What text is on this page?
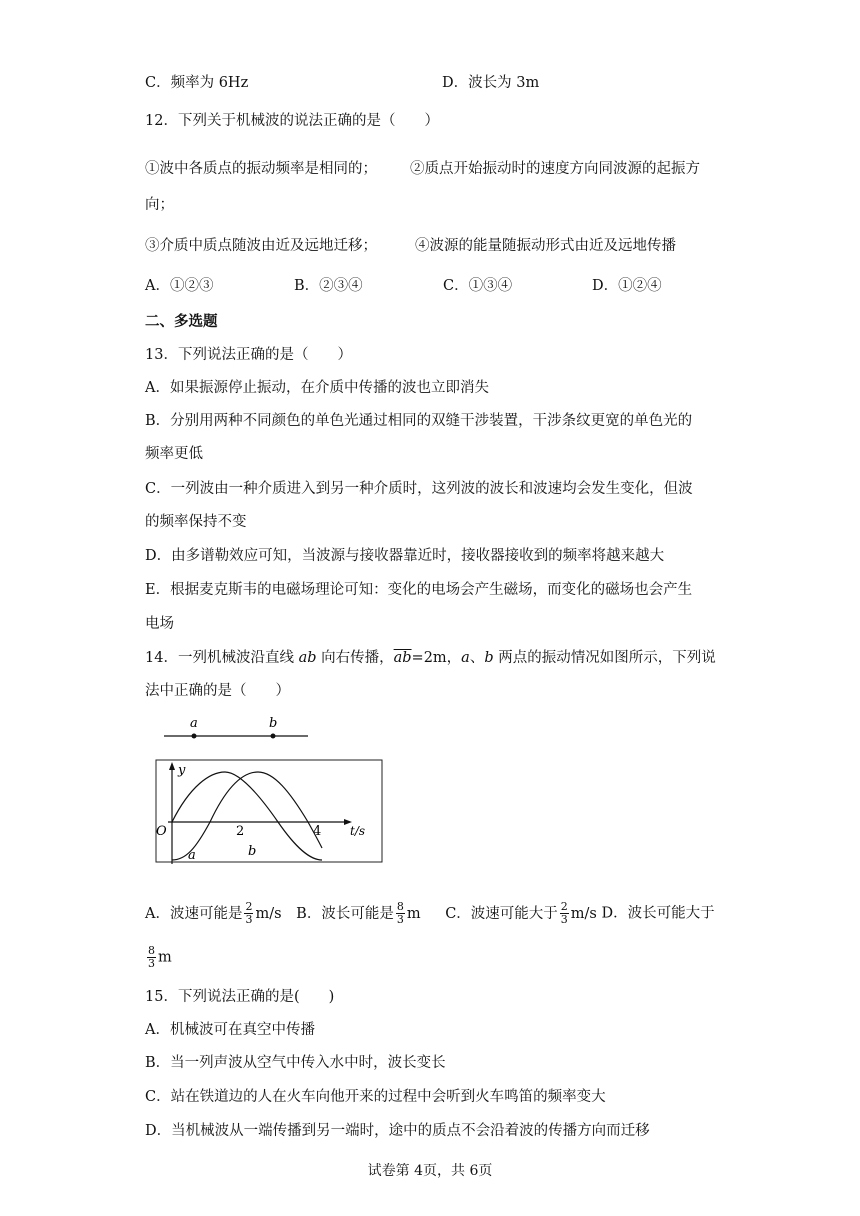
C．频率为 6Hz	D．波长为 3m
12．下列关于机械波的说法正确的是（　　）
①波中各质点的振动频率是相同的； ②质点开始振动时的速度方向同波源的起振方
向；
③介质中质点随波由近及远地迁移；	④波源的能量随振动形式由近及远地传播
A．①②③	B．②③④	C．①③④	D．①②④
二、多选题
13．下列说法正确的是（　　）
A．如果振源停止振动，在介质中传播的波也立即消失
B．分别用两种不同颜色的单色光通过相同的双缝干涉装置，干涉条纹更宽的单色光的
频率更低
C．一列波由一种介质进入到另一种介质时，这列波的波长和波速均会发生变化，但波
的频率保持不变
D．由多谱勒效应可知，当波源与接收器靠近时，接收器接收到的频率将越来越大
E．根据麦克斯韦的电磁场理论可知：变化的电场会产生磁场，而变化的磁场也会产生
电场
14．一列机械波沿直线 ab 向右传播，$\overline{ab}=2m$，a、b 两点的振动情况如图所示，下列说
法中正确的是（　　）
a	b
y
O	2	4 t/s
a	b
A．波速可能是 $\frac{2}{3} m/s$ B．波长可能是 $\frac{8}{3}$ m C．波速可能大于 $\frac{2}{3} m/s$ D．波长可能大于
$\frac{8}{3}$ m
15．下列说法正确的是(　　)
A．机械波可在真空中传播
B．当一列声波从空气中传入水中时，波长变长
C．站在铁道边的人在火车向他开来的过程中会听到火车鸣笛的频率变大
D．当机械波从一端传播到另一端时，途中的质点不会沿着波的传播方向而迁移
试卷第 4页，共 6页
